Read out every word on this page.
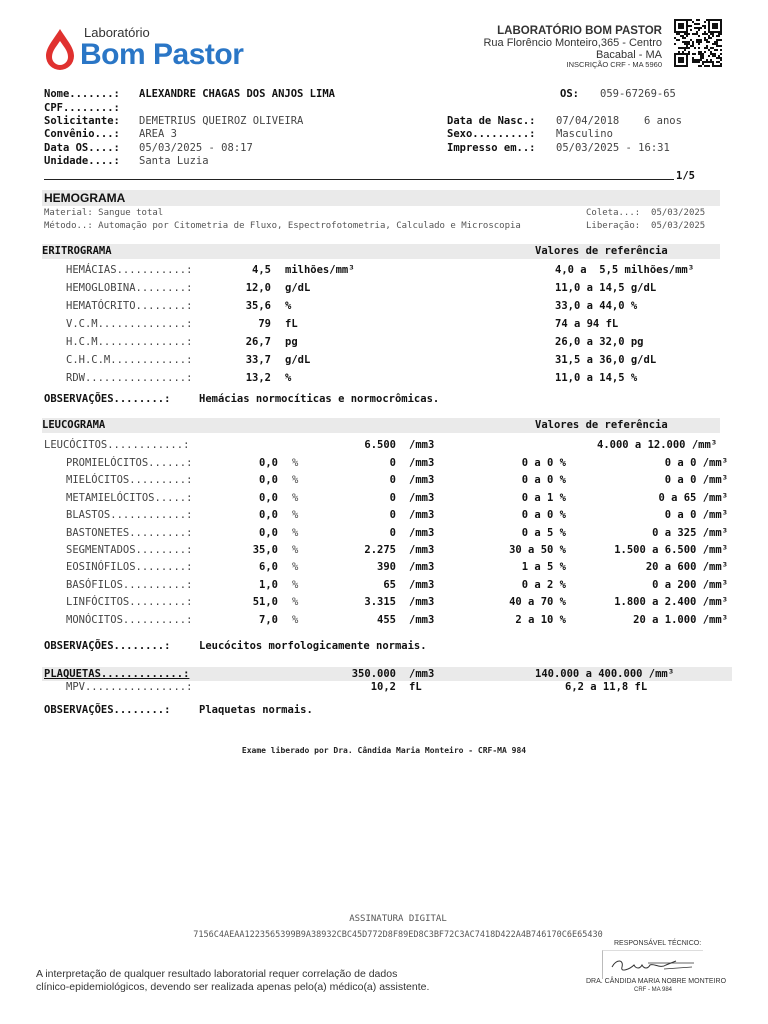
Laboratório
Bom Pastor
LABORATÓRIO BOM PASTOR
Rua Florêncio Monteiro,365 - Centro
Bacabal - MA
INSCRIÇÃO CRF - MA 5960
Nome.......: ALEXANDRE CHAGAS DOS ANJOS LIMA	OS: 059-67269-65
CPF........:
Solicitante: DEMETRIUS QUEIROZ OLIVEIRA	Data de Nasc.: 07/04/2018 6 anos
Convênio...: AREA 3	Sexo.........: Masculino
Data OS....: 05/03/2025 - 08:17	Impresso em..: 05/03/2025 - 16:31
Unidade....: Santa Luzia
1/5
HEMOGRAMA
Material: Sangue total	Coleta...:  05/03/2025
Método..: Automação por Citometria de Fluxo, Espectrofotometria, Calculado e Microscopia	Liberação:  05/03/2025
ERITROGRAMA	Valores de referência
HEMÁCIAS...........:	4,5 milhões/mm³	4,0 a  5,5 milhões/mm³
HEMOGLOBINA........:	12,0 g/dL	11,0 a 14,5 g/dL
HEMATÓCRITO........:	35,6 %	33,0 a 44,0 %
V.C.M..............:	79 fL	74 a 94 fL
H.C.M..............:	26,7 pg	26,0 a 32,0 pg
C.H.C.M............:	33,7 g/dL	31,5 a 36,0 g/dL
RDW................:	13,2 %	11,0 a 14,5 %
OBSERVAÇÕES........:	Hemácias normocíticas e normocrômicas.
LEUCOGRAMA	Valores de referência
LEUCÓCITOS............:	6.500 /mm3	4.000 a 12.000 /mm³
PROMIELÓCITOS......:	0,0 %	0 /mm3	0 a 0 %	0 a 0 /mm³
MIELÓCITOS.........:	0,0 %	0 /mm3	0 a 0 %	0 a 0 /mm³
METAMIELÓCITOS.....:	0,0 %	0 /mm3	0 a 1 %	0 a 65 /mm³
BLASTOS............:	0,0 %	0 /mm3	0 a 0 %	0 a 0 /mm³
BASTONETES.........:	0,0 %	0 /mm3	0 a 5 %	0 a 325 /mm³
SEGMENTADOS........:	35,0 %	2.275 /mm3	30 a 50 %	1.500 a 6.500 /mm³
EOSINÓFILOS........:	6,0 %	390 /mm3	1 a 5 %	20 a 600 /mm³
BASÓFILOS..........:	1,0 %	65 /mm3	0 a 2 %	0 a 200 /mm³
LINFÓCITOS.........:	51,0 %	3.315 /mm3	40 a 70 %	1.800 a 2.400 /mm³
MONÓCITOS..........:	7,0 %	455 /mm3	2 a 10 %	20 a 1.000 /mm³
OBSERVAÇÕES........:	Leucócitos morfologicamente normais.
PLAQUETAS.............:	350.000 /mm3	140.000 a 400.000 /mm³
MPV................:	10,2 fL	6,2 a 11,8 fL
OBSERVAÇÕES........:	Plaquetas normais.
Exame liberado por Dra. Cândida Maria Monteiro - CRF-MA 984
ASSINATURA DIGITAL
7156C4AEAA1223565399B9A38932CBC45D772D8F89ED8C3BF72C3AC7418D422A4B746170C6E65430
RESPONSÁVEL TÉCNICO:
DRA. CÂNDIDA MARIA NOBRE MONTEIRO
CRF - MA 984
A interpretação de qualquer resultado laboratorial requer correlação de dados
clínico-epidemiológicos, devendo ser realizada apenas pelo(a) médico(a) assistente.
